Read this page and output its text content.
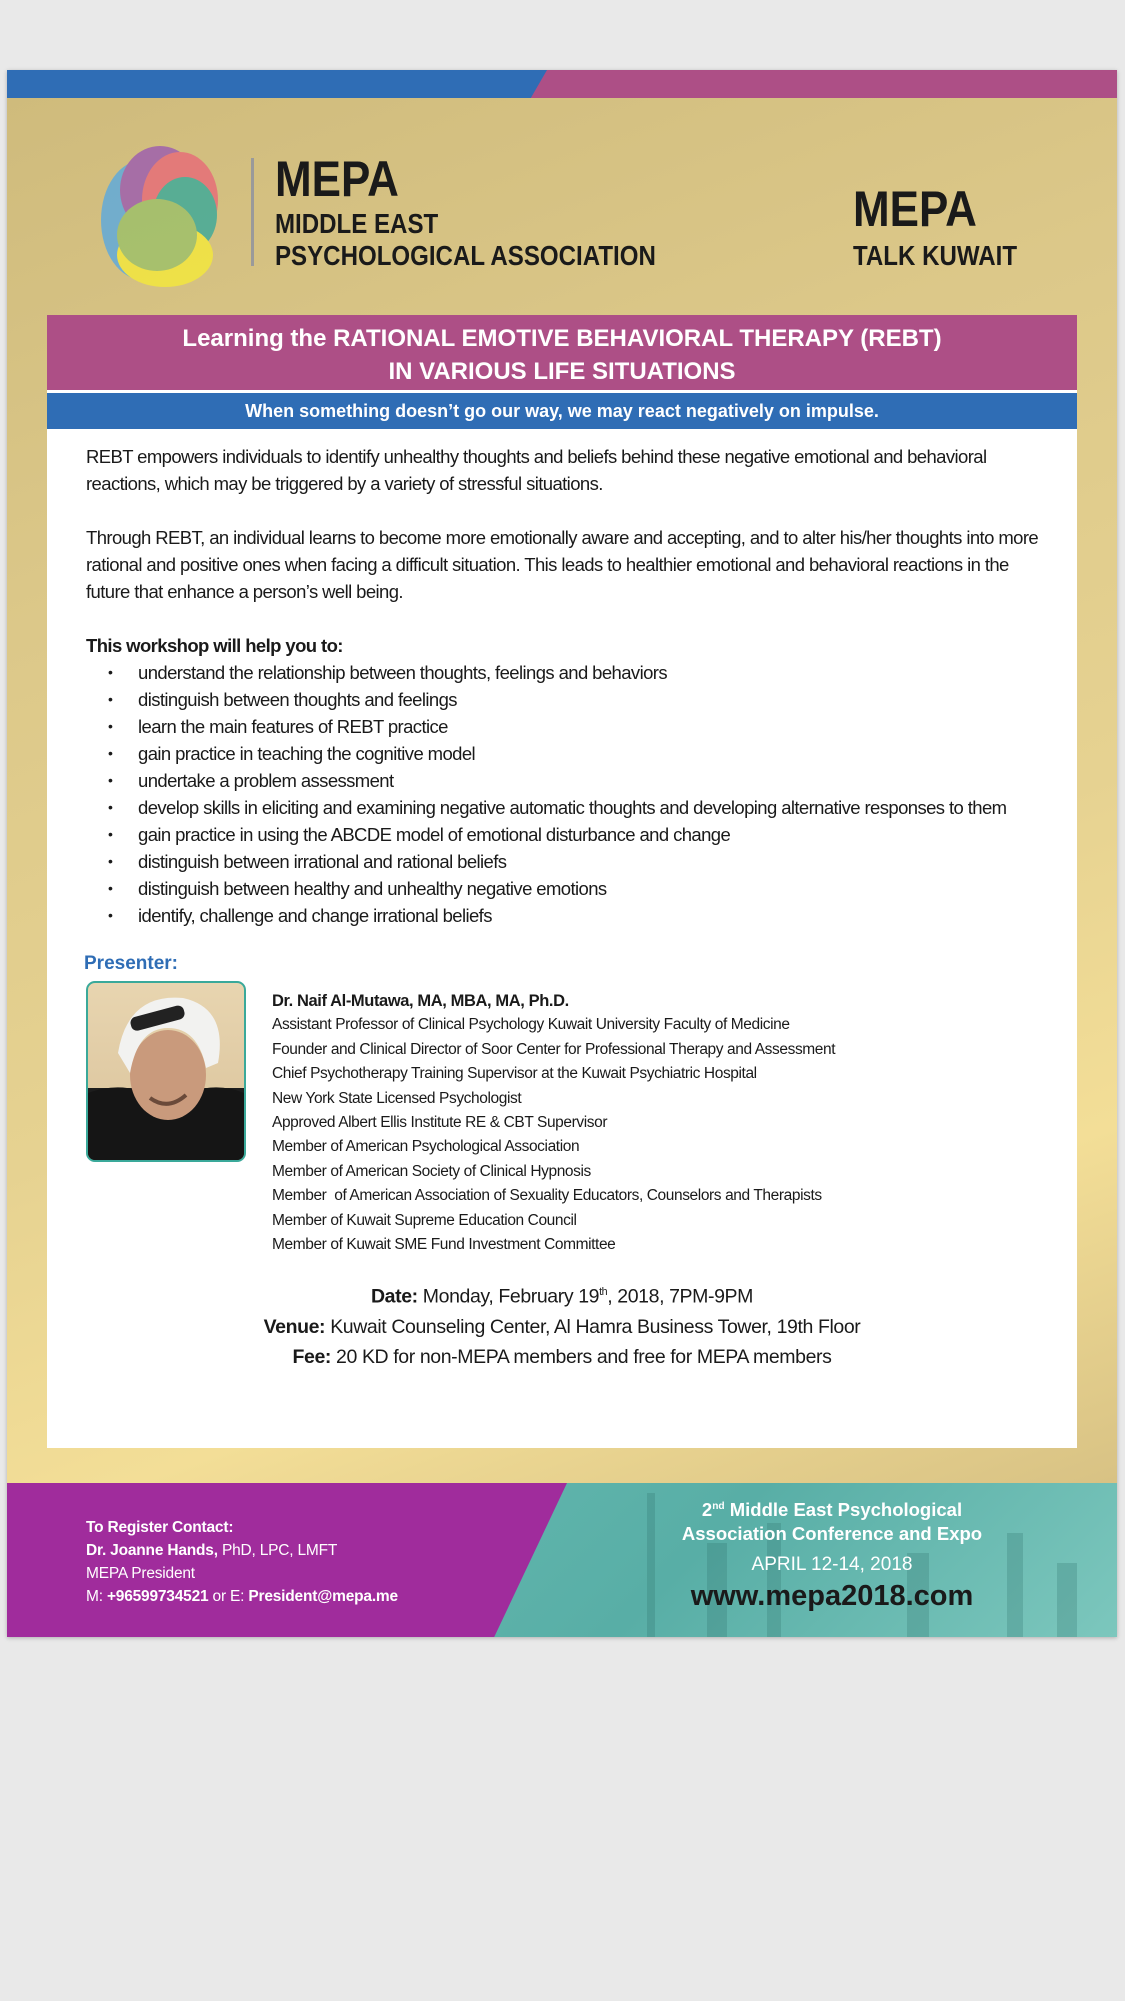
MEPA
MIDDLE EAST
PSYCHOLOGICAL ASSOCIATION
MEPA
TALK KUWAIT
Learning the RATIONAL EMOTIVE BEHAVIORAL THERAPY (REBT)
IN VARIOUS LIFE SITUATIONS
When something doesn’t go our way, we may react negatively on impulse.

REBT empowers individuals to identify unhealthy thoughts and beliefs behind these negative emotional and behavioral reactions, which may be triggered by a variety of stressful situations.

Through REBT, an individual learns to become more emotionally aware and accepting, and to alter his/her thoughts into more rational and positive ones when facing a difficult situation. This leads to healthier emotional and behavioral reactions in the future that enhance a person’s well being.

This workshop will help you to:
• understand the relationship between thoughts, feelings and behaviors
• distinguish between thoughts and feelings
• learn the main features of REBT practice
• gain practice in teaching the cognitive model
• undertake a problem assessment
• develop skills in eliciting and examining negative automatic thoughts and developing alternative responses to them
• gain practice in using the ABCDE model of emotional disturbance and change
• distinguish between irrational and rational beliefs
• distinguish between healthy and unhealthy negative emotions
• identify, challenge and change irrational beliefs
Presenter:
Dr. Naif Al-Mutawa, MA, MBA, MA, Ph.D.
Assistant Professor of Clinical Psychology Kuwait University Faculty of Medicine
Founder and Clinical Director of Soor Center for Professional Therapy and Assessment
Chief Psychotherapy Training Supervisor at the Kuwait Psychiatric Hospital
New York State Licensed Psychologist
Approved Albert Ellis Institute RE & CBT Supervisor
Member of American Psychological Association
Member of American Society of Clinical Hypnosis
Member  of American Association of Sexuality Educators, Counselors and Therapists
Member of Kuwait Supreme Education Council
Member of Kuwait SME Fund Investment Committee
Date: Monday, February 19th, 2018, 7PM-9PM
Venue: Kuwait Counseling Center, Al Hamra Business Tower, 19th Floor
Fee: 20 KD for non-MEPA members and free for MEPA members
To Register Contact:
Dr. Joanne Hands, PhD, LPC, LMFT
MEPA President
M: +96599734521 or E: President@mepa.me
2nd Middle East Psychological
Association Conference and Expo
APRIL 12-14, 2018
www.mepa2018.com
